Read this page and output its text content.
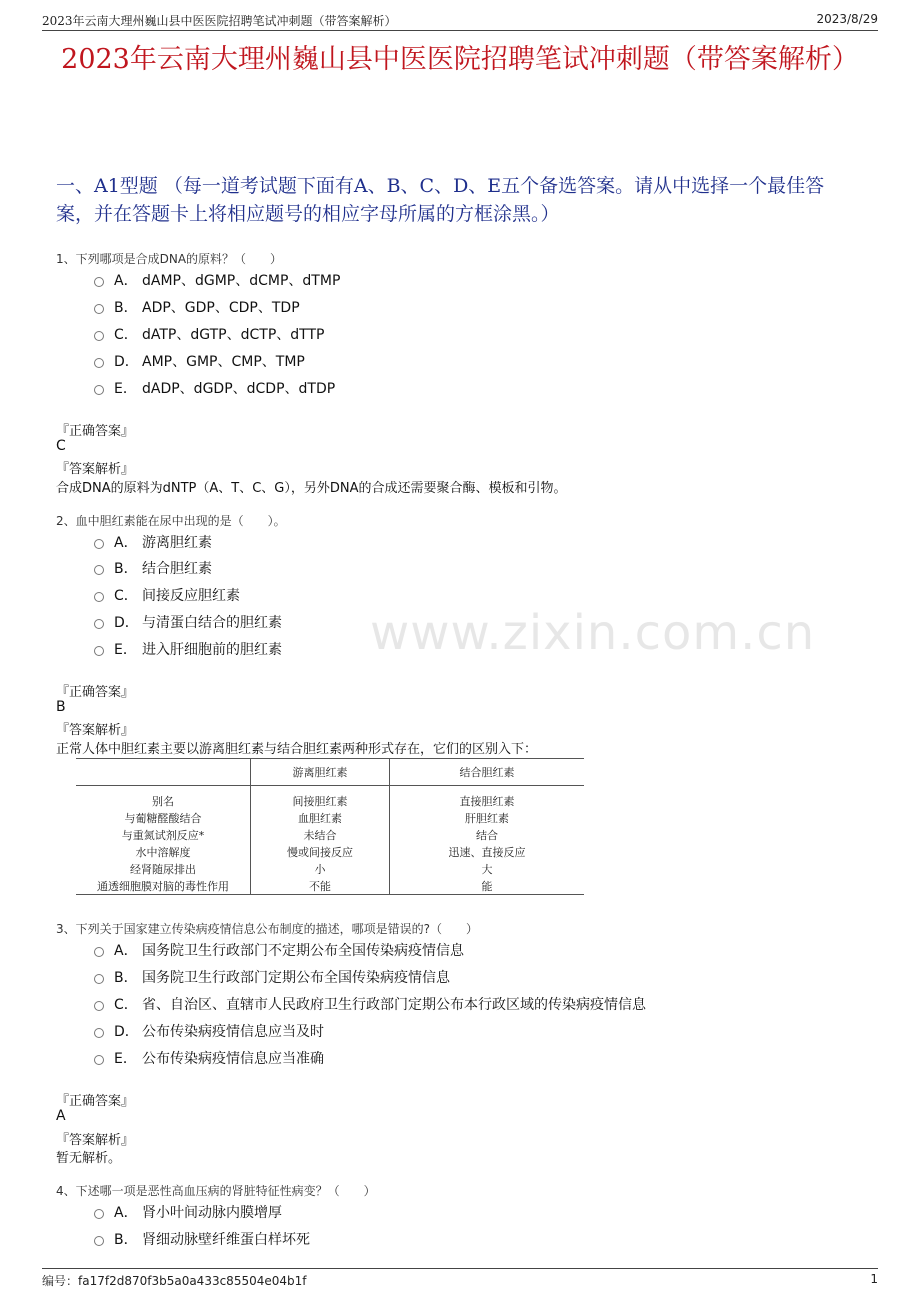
2023年云南大理州巍山县中医医院招聘笔试冲刺题（带答案解析）	2023/8/29
2023年云南大理州巍山县中医医院招聘笔试冲刺题（带答案解析）
一、A1型题 （每一道考试题下面有A、B、C、D、E五个备选答案。请从中选择一个最佳答案，并在答题卡上将相应题号的相应字母所属的方框涂黑。）
www.zixin.com.cn
1、下列哪项是合成DNA的原料？（　　）
A． dAMP、dGMP、dCMP、dTMP
B． ADP、GDP、CDP、TDP
C． dATP、dGTP、dCTP、dTTP
D． AMP、GMP、CMP、TMP
E． dADP、dGDP、dCDP、dTDP
『正确答案』
C
『答案解析』
合成DNA的原料为dNTP（A、T、C、G），另外DNA的合成还需要聚合酶、模板和引物。
2、血中胆红素能在尿中出现的是（　　）。
A． 游离胆红素
B． 结合胆红素
C． 间接反应胆红素
D． 与清蛋白结合的胆红素
E． 进入肝细胞前的胆红素
『正确答案』
B
『答案解析』
正常人体中胆红素主要以游离胆红素与结合胆红素两种形式存在，它们的区别入下：
	游离胆红素	结合胆红素
别名	间接胆红素	直接胆红素
与葡糖醛酸结合	血胆红素	肝胆红素
与重氮试剂反应*	未结合	结合
水中溶解度	慢或间接反应	迅速、直接反应
经肾随尿排出	小	大
通透细胞膜对脑的毒性作用	不能	能
3、下列关于国家建立传染病疫情信息公布制度的描述，哪项是错误的?（　　）
A． 国务院卫生行政部门不定期公布全国传染病疫情信息
B． 国务院卫生行政部门定期公布全国传染病疫情信息
C． 省、自治区、直辖市人民政府卫生行政部门定期公布本行政区域的传染病疫情信息
D． 公布传染病疫情信息应当及时
E． 公布传染病疫情信息应当准确
『正确答案』
A
『答案解析』
暂无解析。
4、下述哪一项是恶性高血压病的肾脏特征性病变？（　　）
A． 肾小叶间动脉内膜增厚
B． 肾细动脉壁纤维蛋白样坏死
编号：fa17f2d870f3b5a0a433c85504e04b1f	1
